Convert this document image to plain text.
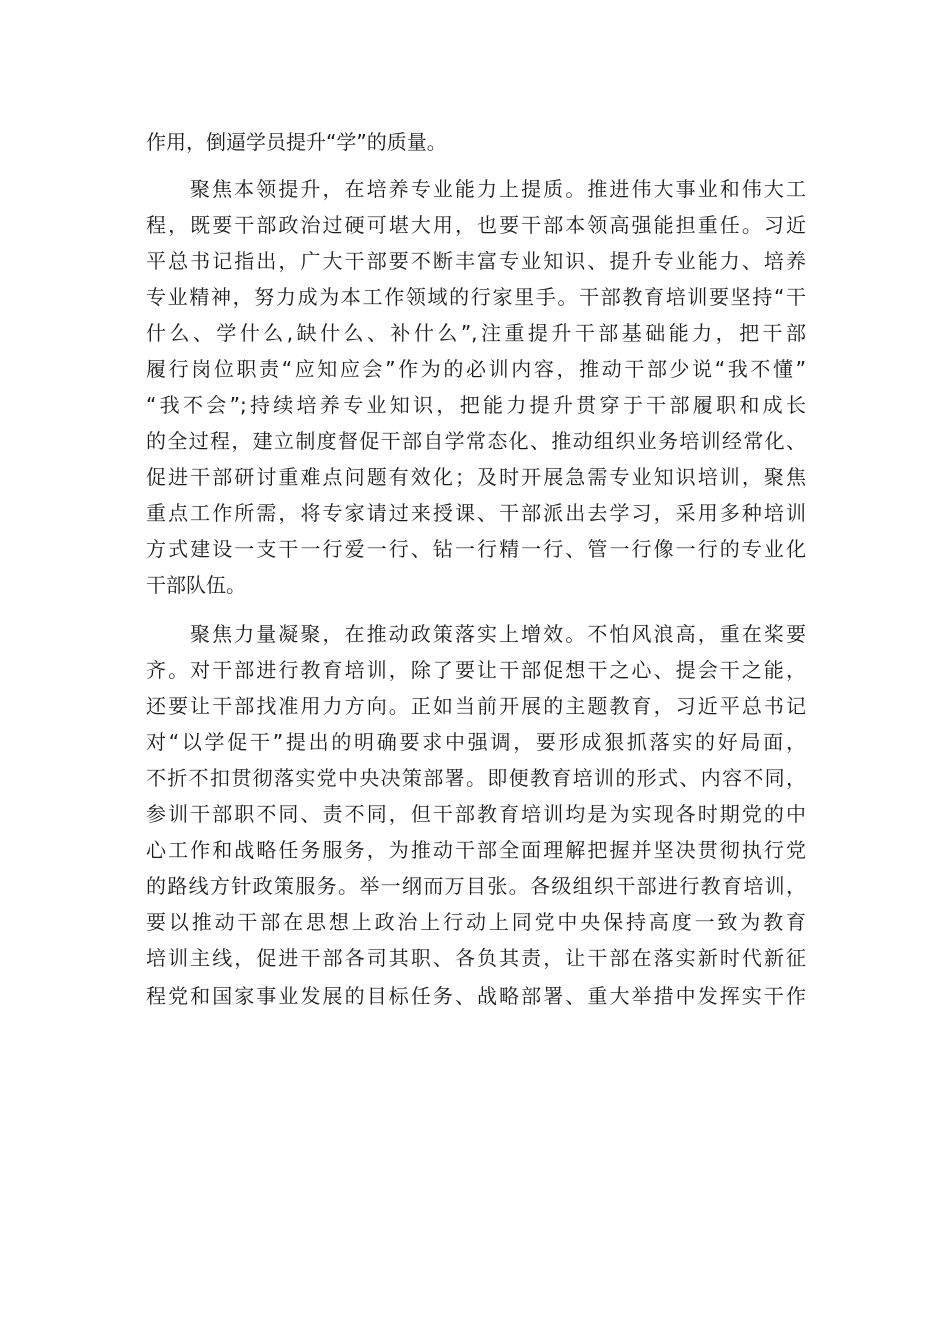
作用，倒逼学员提升“学”的质量。
聚焦本领提升，在培养专业能力上提质。推进伟大事业和伟大工
程，既要干部政治过硬可堪大用，也要干部本领高强能担重任。习近
平总书记指出，广大干部要不断丰富专业知识、提升专业能力、培养
专业精神，努力成为本工作领域的行家里手。干部教育培训要坚持“干
什么、学什么,缺什么、补什么”,注重提升干部基础能力，把干部
履行岗位职责“应知应会”作为的必训内容，推动干部少说“我不懂”
“我不会”;持续培养专业知识，把能力提升贯穿于干部履职和成长
的全过程，建立制度督促干部自学常态化、推动组织业务培训经常化、
促进干部研讨重难点问题有效化；及时开展急需专业知识培训，聚焦
重点工作所需，将专家请过来授课、干部派出去学习，采用多种培训
方式建设一支干一行爱一行、钻一行精一行、管一行像一行的专业化
干部队伍。
聚焦力量凝聚，在推动政策落实上增效。不怕风浪高，重在桨要
齐。对干部进行教育培训，除了要让干部促想干之心、提会干之能，
还要让干部找准用力方向。正如当前开展的主题教育，习近平总书记
对“以学促干”提出的明确要求中强调，要形成狠抓落实的好局面，
不折不扣贯彻落实党中央决策部署。即便教育培训的形式、内容不同，
参训干部职不同、责不同，但干部教育培训均是为实现各时期党的中
心工作和战略任务服务，为推动干部全面理解把握并坚决贯彻执行党
的路线方针政策服务。举一纲而万目张。各级组织干部进行教育培训，
要以推动干部在思想上政治上行动上同党中央保持高度一致为教育
培训主线，促进干部各司其职、各负其责，让干部在落实新时代新征
程党和国家事业发展的目标任务、战略部署、重大举措中发挥实干作
